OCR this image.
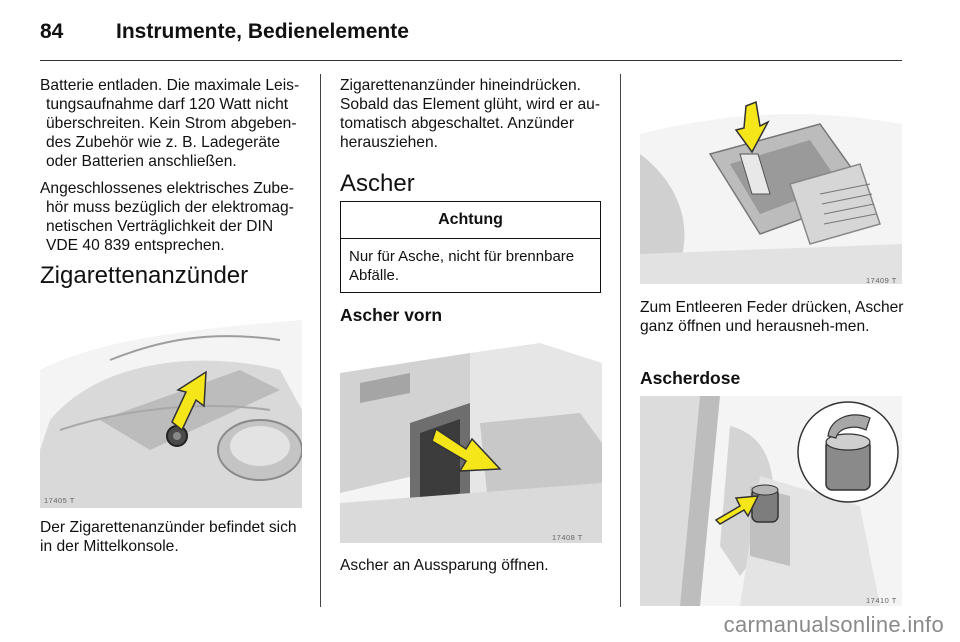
84	Instrumente, Bedienelemente

Batterie entladen. Die maximale Leis-
tungsaufnahme darf 120 Watt nicht überschreiten. Kein Strom abgeben-des Zubehör wie z. B. Ladegeräte oder Batterien anschließen.

Angeschlossenes elektrisches Zube-
hör muss bezüglich der elektromag-netischen Verträglichkeit der DIN VDE 40 839 entsprechen.

Zigarettenanzünder
17405 T

Der Zigarettenanzünder befindet sich in der Mittelkonsole.

Zigarettenanzünder hineindrücken. Sobald das Element glüht, wird er au-tomatisch abgeschaltet. Anzünder herausziehen.

Ascher
Achtung
Nur für Asche, nicht für brennbare Abfälle.
Ascher vorn
17408 T

Ascher an Aussparung öffnen.

17409 T

Zum Entleeren Feder drücken, Ascher ganz öffnen und herausneh-men.

Ascherdose
17410 T
carmanualsonline.info
